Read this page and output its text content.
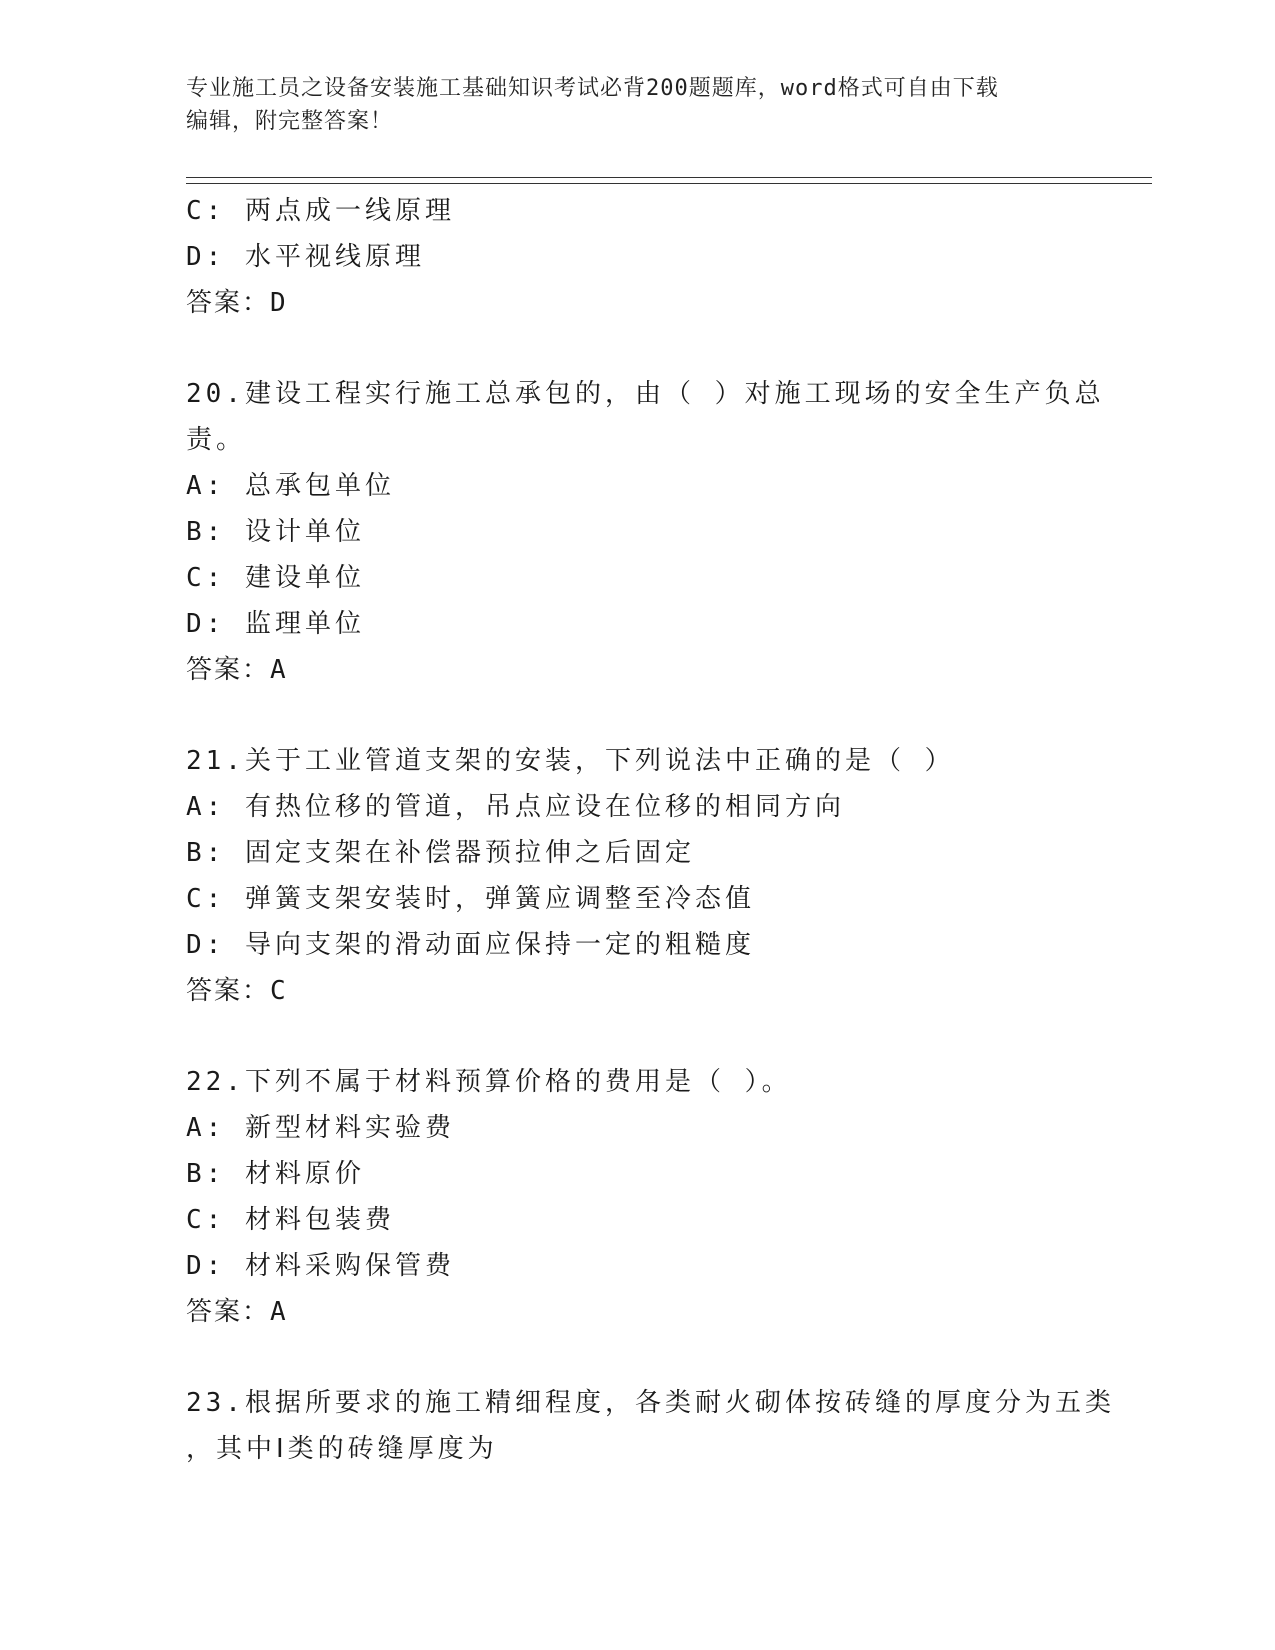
专业施工员之设备安装施工基础知识考试必背200题题库，word格式可自由下载
编辑，附完整答案！
C: 两点成一线原理
D: 水平视线原理
答案：D
20.建设工程实行施工总承包的，由（ ）对施工现场的安全生产负总
责。
A: 总承包单位
B: 设计单位
C: 建设单位
D: 监理单位
答案：A
21.关于工业管道支架的安装，下列说法中正确的是（ ）
A: 有热位移的管道，吊点应设在位移的相同方向
B: 固定支架在补偿器预拉伸之后固定
C: 弹簧支架安装时，弹簧应调整至冷态值
D: 导向支架的滑动面应保持一定的粗糙度
答案：C
22.下列不属于材料预算价格的费用是（ ）。
A: 新型材料实验费
B: 材料原价
C: 材料包装费
D: 材料采购保管费
答案：A
23.根据所要求的施工精细程度，各类耐火砌体按砖缝的厚度分为五类
，其中Ⅰ类的砖缝厚度为
